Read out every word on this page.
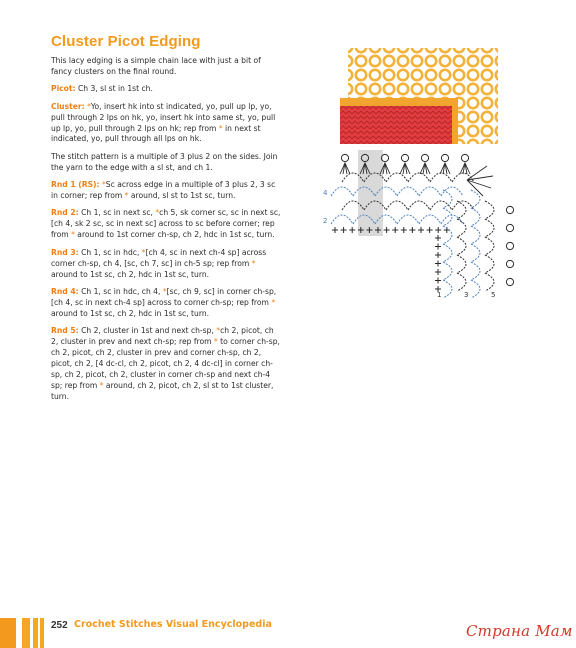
Cluster Picot Edging

This lacy edging is a simple chain lace with just a bit of fancy clusters on the final round.

Picot: Ch 3, sl st in 1st ch.

Cluster: *Yo, insert hk into st indicated, yo, pull up lp, yo, pull through 2 lps on hk, yo, insert hk into same st, yo, pull up lp, yo, pull through 2 lps on hk; rep from * in next st indicated, yo, pull through all lps on hk.

The stitch pattern is a multiple of 3 plus 2 on the sides. Join the yarn to the edge with a sl st, and ch 1.

Rnd 1 (RS): *Sc across edge in a multiple of 3 plus 2, 3 sc in corner; rep from * around, sl st to 1st sc, turn.

Rnd 2: Ch 1, sc in next sc, *ch 5, sk corner sc, sc in next sc, [ch 4, sk 2 sc, sc in next sc] across to sc before corner; rep from * around to 1st corner ch-sp, ch 2, hdc in 1st sc, turn.

Rnd 3: Ch 1, sc in hdc, *[ch 4, sc in next ch-4 sp] across corner ch-sp, ch 4, [sc, ch 7, sc] in ch-5 sp; rep from * around to 1st sc, ch 2, hdc in 1st sc, turn.

Rnd 4: Ch 1, sc in hdc, ch 4, *[sc, ch 9, sc] in corner ch-sp, [ch 4, sc in next ch-4 sp] across to corner ch-sp; rep from * around to 1st sc, ch 2, hdc in 1st sc, turn.

Rnd 5: Ch 2, cluster in 1st and next ch-sp, *ch 2, picot, ch 2, cluster in prev and next ch-sp; rep from * to corner ch-sp, ch 2, picot, ch 2, cluster in prev and corner ch-sp, ch 2, picot, ch 2, [4 dc-cl, ch 2, picot, ch 2, 4 dc-cl] in corner ch-sp, ch 2, picot, ch 2, cluster in corner ch-sp and next ch-4 sp; rep from * around, ch 2, picot, ch 2, sl st to 1st cluster, turn.

4
2
1	3	5
252 Crochet Stitches Visual Encyclopedia	Страна Мам
